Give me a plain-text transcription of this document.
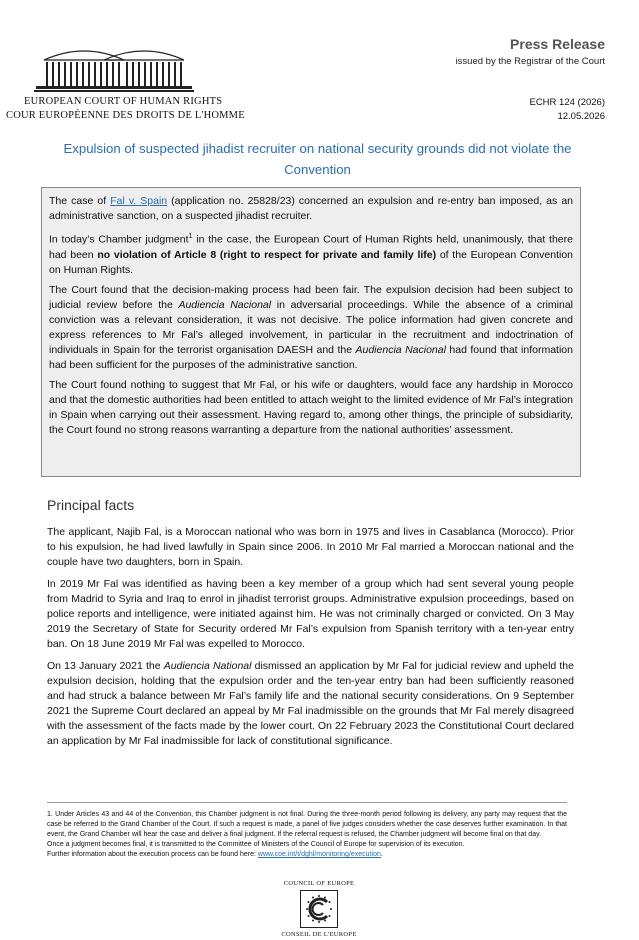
EUROPEAN COURT OF HUMAN RIGHTS
COUR EUROPÉENNE DES DROITS DE L'HOMME
Press Release
issued by the Registrar of the Court
ECHR 124 (2026)
12.05.2026
Expulsion of suspected jihadist recruiter on national security grounds did not violate the Convention

The case of Fal v. Spain (application no. 25828/23) concerned an expulsion and re-entry ban imposed, as an administrative sanction, on a suspected jihadist recruiter.

In today’s Chamber judgment$^1$ in the case, the European Court of Human Rights held, unanimously, that there had been no violation of Article 8 (right to respect for private and family life) of the European Convention on Human Rights.

The Court found that the decision-making process had been fair. The expulsion decision had been subject to judicial review before the Audiencia Nacional in adversarial proceedings. While the absence of a criminal conviction was a relevant consideration, it was not decisive. The police information had given concrete and express references to Mr Fal’s alleged involvement, in particular in the recruitment and indoctrination of individuals in Spain for the terrorist organisation DAESH and the Audiencia Nacional had found that information had been sufficient for the purposes of the administrative sanction.

The Court found nothing to suggest that Mr Fal, or his wife or daughters, would face any hardship in Morocco and that the domestic authorities had been entitled to attach weight to the limited evidence of Mr Fal’s integration in Spain when carrying out their assessment. Having regard to, among other things, the principle of subsidiarity, the Court found no strong reasons warranting a departure from the national authorities’ assessment.

Principal facts

The applicant, Najib Fal, is a Moroccan national who was born in 1975 and lives in Casablanca (Morocco). Prior to his expulsion, he had lived lawfully in Spain since 2006. In 2010 Mr Fal married a Moroccan national and the couple have two daughters, born in Spain.

In 2019 Mr Fal was identified as having been a key member of a group which had sent several young people from Madrid to Syria and Iraq to enrol in jihadist terrorist groups. Administrative expulsion proceedings, based on police reports and intelligence, were initiated against him. He was not criminally charged or convicted. On 3 May 2019 the Secretary of State for Security ordered Mr Fal’s expulsion from Spanish territory with a ten-year entry ban. On 18 June 2019 Mr Fal was expelled to Morocco.

On 13 January 2021 the Audiencia National dismissed an application by Mr Fal for judicial review and upheld the expulsion decision, holding that the expulsion order and the ten-year entry ban had been sufficiently reasoned and had struck a balance between Mr Fal’s family life and the national security considerations. On 9 September 2021 the Supreme Court declared an appeal by Mr Fal inadmissible on the grounds that Mr Fal merely disagreed with the assessment of the facts made by the lower court. On 22 February 2023 the Constitutional Court declared an application by Mr Fal inadmissible for lack of constitutional significance.

1. Under Articles 43 and 44 of the Convention, this Chamber judgment is not final. During the three-month period following its delivery, any party may request that the case be referred to the Grand Chamber of the Court. If such a request is made, a panel of five judges considers whether the case deserves further examination. In that event, the Grand Chamber will hear the case and deliver a final judgment. If the referral request is refused, the Chamber judgment will become final on that day.

Once a judgment becomes final, it is transmitted to the Committee of Ministers of the Council of Europe for supervision of its execution.

Further information about the execution process can be found here: www.coe.int/t/dghl/monitoring/execution.

COUNCIL OF EUROPE
CONSEIL DE L'EUROPE
